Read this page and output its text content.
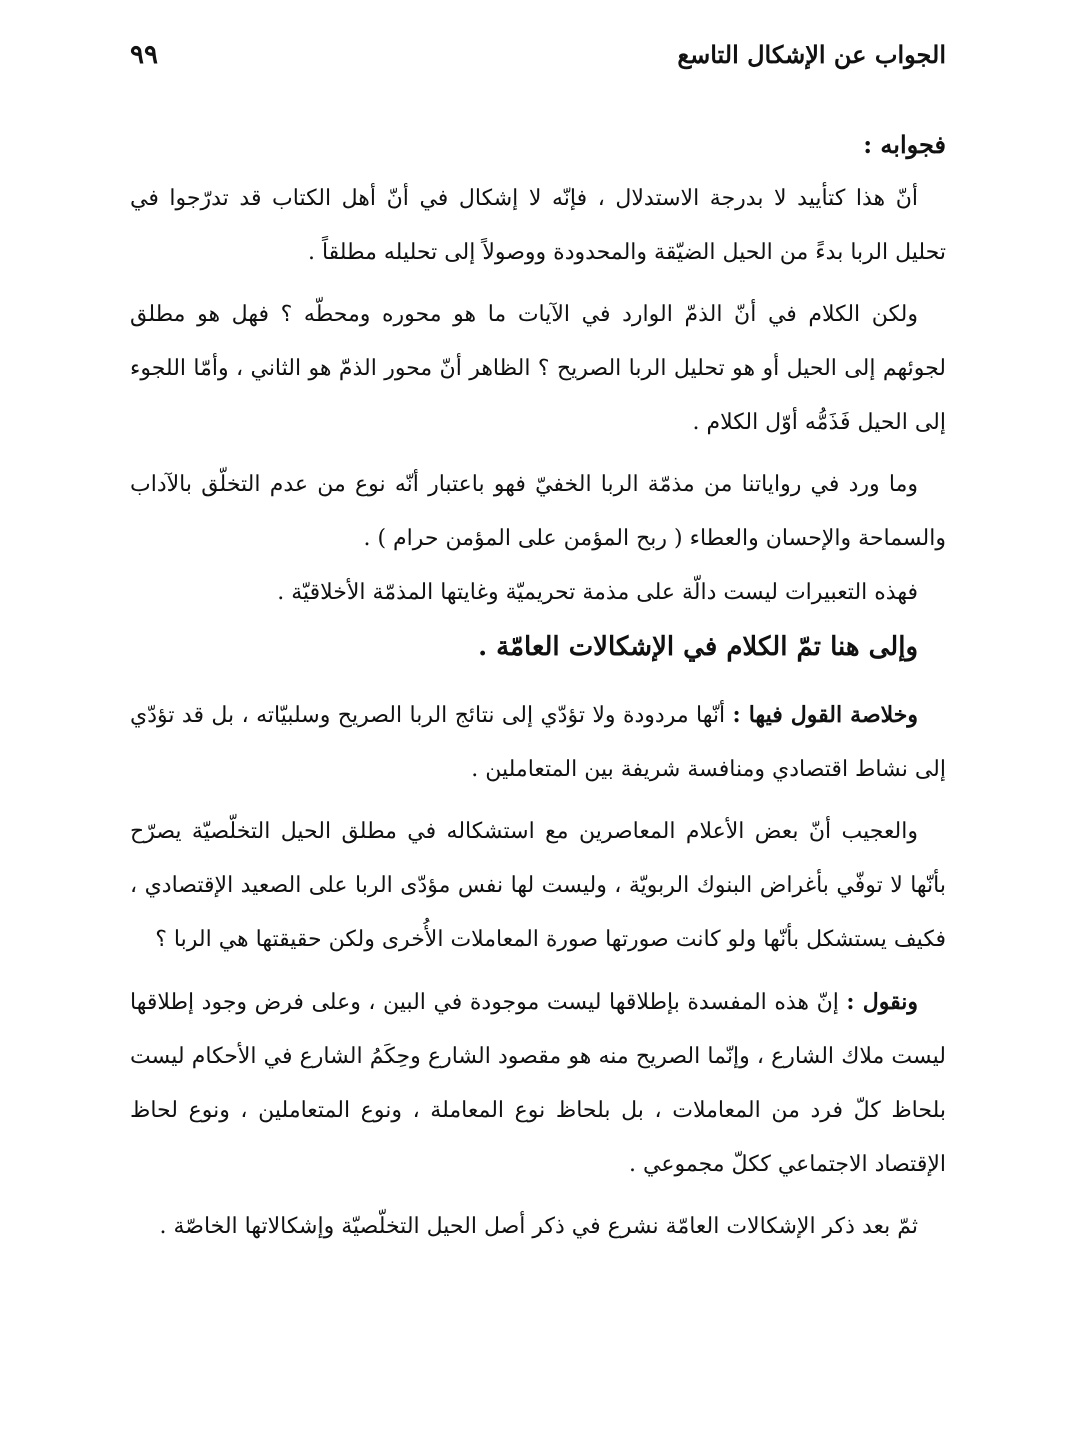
الجواب عن الإشكال التاسع
٩٩

فجوابه :

أنّ هذا كتأييد لا بدرجة الاستدلال ، فإنّه لا إشكال في أنّ أهل الكتاب قد تدرّجوا في تحليل الربا بدءً من الحيل الضيّقة والمحدودة ووصولاً إلى تحليله مطلقاً .

ولكن الكلام في أنّ الذمّ الوارد في الآيات ما هو محوره ومحطّه ؟ فهل هو مطلق لجوئهم إلى الحيل أو هو تحليل الربا الصريح ؟ الظاهر أنّ محور الذمّ هو الثاني ، وأمّا اللجوء إلى الحيل فَذَمُّه أوّل الكلام .

وما ورد في رواياتنا من مذمّة الربا الخفيّ فهو باعتبار أنّه نوع من عدم التخلّق بالآداب والسماحة والإحسان والعطاء ( ربح المؤمن على المؤمن حرام ) .

فهذه التعبيرات ليست دالّة على مذمة تحريميّة وغايتها المذمّة الأخلاقيّة .

وإلى هنا تمّ الكلام في الإشكالات العامّة .

وخلاصة القول فيها : أنّها مردودة ولا تؤدّي إلى نتائج الربا الصريح وسلبيّاته ، بل قد تؤدّي إلى نشاط اقتصادي ومنافسة شريفة بين المتعاملين .

والعجيب أنّ بعض الأعلام المعاصرين مع استشكاله في مطلق الحيل التخلّصيّة يصرّح بأنّها لا توفّي بأغراض البنوك الربويّة ، وليست لها نفس مؤدّى الربا على الصعيد الإقتصادي ، فكيف يستشكل بأنّها ولو كانت صورتها صورة المعاملات الأُخرى ولكن حقيقتها هي الربا ؟

ونقول : إنّ هذه المفسدة بإطلاقها ليست موجودة في البين ، وعلى فرض وجود إطلاقها ليست ملاك الشارع ، وإنّما الصريح منه هو مقصود الشارع وحِكَمُ الشارع في الأحكام ليست بلحاظ كلّ فرد من المعاملات ، بل بلحاظ نوع المعاملة ، ونوع المتعاملين ، ونوع لحاظ الإقتصاد الاجتماعي ككلّ مجموعي .

ثمّ بعد ذكر الإشكالات العامّة نشرع في ذكر أصل الحيل التخلّصيّة وإشكالاتها الخاصّة .
